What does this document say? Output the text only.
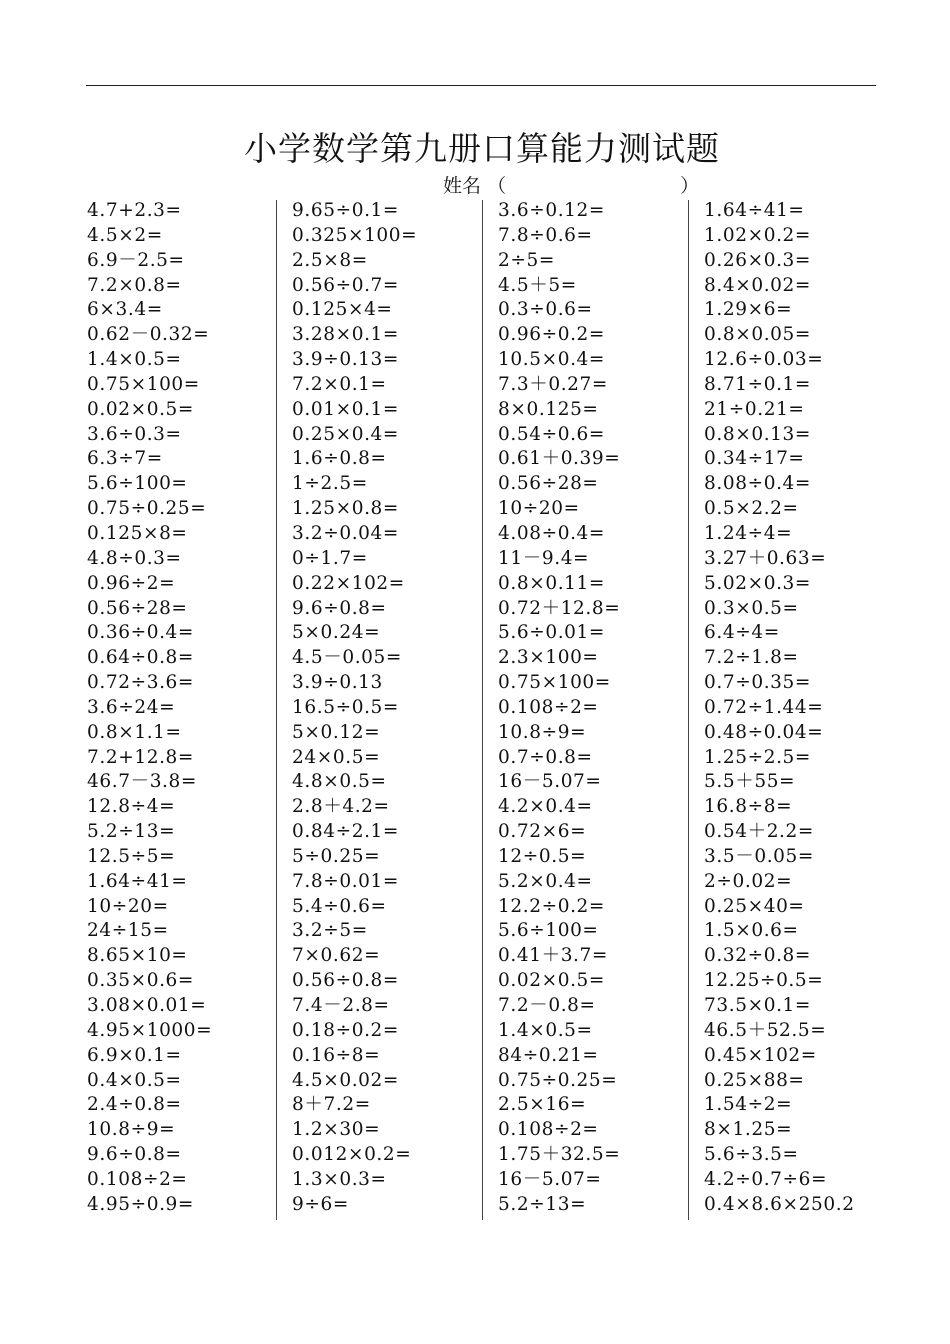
小学数学第九册口算能力测试题
姓名 （	）
4.7+2.3=
4.5×2=
6.9－2.5=
7.2×0.8=
6×3.4=
0.62－0.32=
1.4×0.5=
0.75×100=
0.02×0.5=
3.6÷0.3=
6.3÷7=
5.6÷100=
0.75÷0.25=
0.125×8=
4.8÷0.3=
0.96÷2=
0.56÷28=
0.36÷0.4=
0.64÷0.8=
0.72÷3.6=
3.6÷24=
0.8×1.1=
7.2+12.8=
46.7－3.8=
12.8÷4=
5.2÷13=
12.5÷5=
1.64÷41=
10÷20=
24÷15=
8.65×10=
0.35×0.6=
3.08×0.01=
4.95×1000=
6.9×0.1=
0.4×0.5=
2.4÷0.8=
10.8÷9=
9.6÷0.8=
0.108÷2=
4.95÷0.9=
9.65÷0.1=
0.325×100=
2.5×8=
0.56÷0.7=
0.125×4=
3.28×0.1=
3.9÷0.13=
7.2×0.1=
0.01×0.1=
0.25×0.4=
1.6÷0.8=
1÷2.5=
1.25×0.8=
3.2÷0.04=
0÷1.7=
0.22×102=
9.6÷0.8=
5×0.24=
4.5－0.05=
3.9÷0.13
16.5÷0.5=
5×0.12=
24×0.5=
4.8×0.5=
2.8＋4.2=
0.84÷2.1=
5÷0.25=
7.8÷0.01=
5.4÷0.6=
3.2÷5=
7×0.62=
0.56÷0.8=
7.4－2.8=
0.18÷0.2=
0.16÷8=
4.5×0.02=
8＋7.2=
1.2×30=
0.012×0.2=
1.3×0.3=
9÷6=
3.6÷0.12=
7.8÷0.6=
2÷5=
4.5＋5=
0.3÷0.6=
0.96÷0.2=
10.5×0.4=
7.3＋0.27=
8×0.125=
0.54÷0.6=
0.61＋0.39=
0.56÷28=
10÷20=
4.08÷0.4=
11－9.4=
0.8×0.11=
0.72＋12.8=
5.6÷0.01=
2.3×100=
0.75×100=
0.108÷2=
10.8÷9=
0.7÷0.8=
16－5.07=
4.2×0.4=
0.72×6=
12÷0.5=
5.2×0.4=
12.2÷0.2=
5.6÷100=
0.41＋3.7=
0.02×0.5=
7.2－0.8=
1.4×0.5=
84÷0.21=
0.75÷0.25=
2.5×16=
0.108÷2=
1.75＋32.5=
16－5.07=
5.2÷13=
1.64÷41=
1.02×0.2=
0.26×0.3=
8.4×0.02=
1.29×6=
0.8×0.05=
12.6÷0.03=
8.71÷0.1=
21÷0.21=
0.8×0.13=
0.34÷17=
8.08÷0.4=
0.5×2.2=
1.24÷4=
3.27＋0.63=
5.02×0.3=
0.3×0.5=
6.4÷4=
7.2÷1.8=
0.7÷0.35=
0.72÷1.44=
0.48÷0.04=
1.25÷2.5=
5.5＋55=
16.8÷8=
0.54＋2.2=
3.5－0.05=
2÷0.02=
0.25×40=
1.5×0.6=
0.32÷0.8=
12.25÷0.5=
73.5×0.1=
46.5＋52.5=
0.45×102=
0.25×88=
1.54÷2=
8×1.25=
5.6÷3.5=
4.2÷0.7÷6=
0.4×8.6×250.2
